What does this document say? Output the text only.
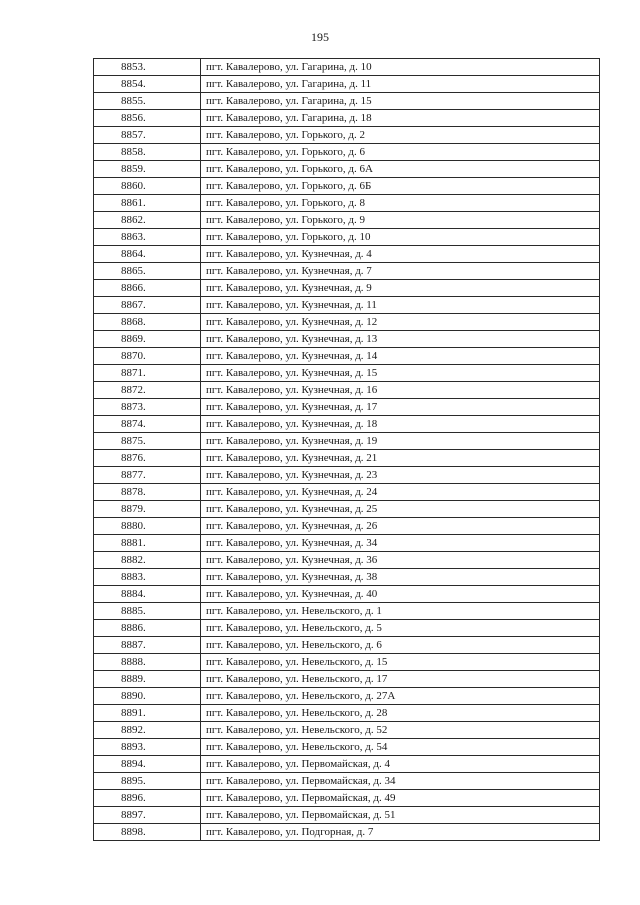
195
8853.	пгт. Кавалерово, ул. Гагарина, д. 10
8854.	пгт. Кавалерово, ул. Гагарина, д. 11
8855.	пгт. Кавалерово, ул. Гагарина, д. 15
8856.	пгт. Кавалерово, ул. Гагарина, д. 18
8857.	пгт. Кавалерово, ул. Горького, д. 2
8858.	пгт. Кавалерово, ул. Горького, д. 6
8859.	пгт. Кавалерово, ул. Горького, д. 6А
8860.	пгт. Кавалерово, ул. Горького, д. 6Б
8861.	пгт. Кавалерово, ул. Горького, д. 8
8862.	пгт. Кавалерово, ул. Горького, д. 9
8863.	пгт. Кавалерово, ул. Горького, д. 10
8864.	пгт. Кавалерово, ул. Кузнечная, д. 4
8865.	пгт. Кавалерово, ул. Кузнечная, д. 7
8866.	пгт. Кавалерово, ул. Кузнечная, д. 9
8867.	пгт. Кавалерово, ул. Кузнечная, д. 11
8868.	пгт. Кавалерово, ул. Кузнечная, д. 12
8869.	пгт. Кавалерово, ул. Кузнечная, д. 13
8870.	пгт. Кавалерово, ул. Кузнечная, д. 14
8871.	пгт. Кавалерово, ул. Кузнечная, д. 15
8872.	пгт. Кавалерово, ул. Кузнечная, д. 16
8873.	пгт. Кавалерово, ул. Кузнечная, д. 17
8874.	пгт. Кавалерово, ул. Кузнечная, д. 18
8875.	пгт. Кавалерово, ул. Кузнечная, д. 19
8876.	пгт. Кавалерово, ул. Кузнечная, д. 21
8877.	пгт. Кавалерово, ул. Кузнечная, д. 23
8878.	пгт. Кавалерово, ул. Кузнечная, д. 24
8879.	пгт. Кавалерово, ул. Кузнечная, д. 25
8880.	пгт. Кавалерово, ул. Кузнечная, д. 26
8881.	пгт. Кавалерово, ул. Кузнечная, д. 34
8882.	пгт. Кавалерово, ул. Кузнечная, д. 36
8883.	пгт. Кавалерово, ул. Кузнечная, д. 38
8884.	пгт. Кавалерово, ул. Кузнечная, д. 40
8885.	пгт. Кавалерово, ул. Невельского, д. 1
8886.	пгт. Кавалерово, ул. Невельского, д. 5
8887.	пгт. Кавалерово, ул. Невельского, д. 6
8888.	пгт. Кавалерово, ул. Невельского, д. 15
8889.	пгт. Кавалерово, ул. Невельского, д. 17
8890.	пгт. Кавалерово, ул. Невельского, д. 27А
8891.	пгт. Кавалерово, ул. Невельского, д. 28
8892.	пгт. Кавалерово, ул. Невельского, д. 52
8893.	пгт. Кавалерово, ул. Невельского, д. 54
8894.	пгт. Кавалерово, ул. Первомайская, д. 4
8895.	пгт. Кавалерово, ул. Первомайская, д. 34
8896.	пгт. Кавалерово, ул. Первомайская, д. 49
8897.	пгт. Кавалерово, ул. Первомайская, д. 51
8898.	пгт. Кавалерово, ул. Подгорная, д. 7
